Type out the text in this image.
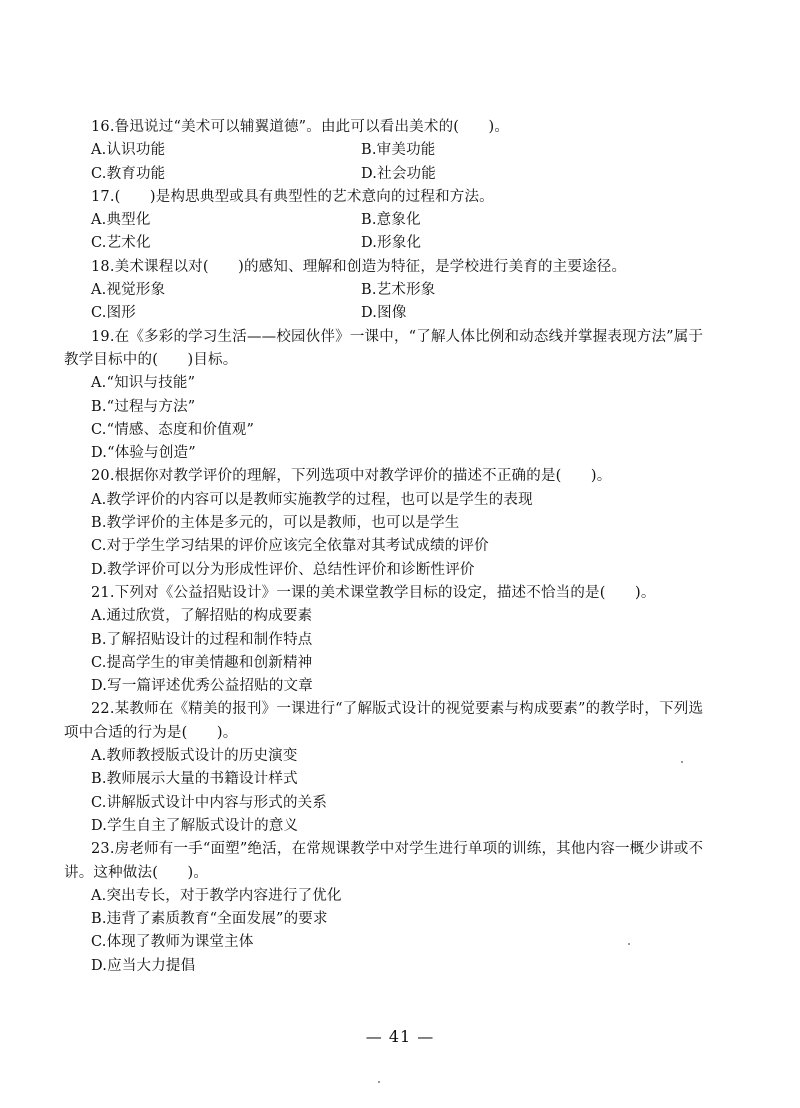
16.鲁迅说过“美术可以辅翼道德”。由此可以看出美术的(　　)。
A.认识功能	B.审美功能
C.教育功能	D.社会功能
17.(　　)是构思典型或具有典型性的艺术意向的过程和方法。
A.典型化	B.意象化
C.艺术化	D.形象化
18.美术课程以对(　　)的感知、理解和创造为特征，是学校进行美育的主要途径。
A.视觉形象	B.艺术形象
C.图形	D.图像
19.在《多彩的学习生活——校园伙伴》一课中，“了解人体比例和动态线并掌握表现方法”属于教学目标中的(　　)目标。
A.“知识与技能”
B.“过程与方法”
C.“情感、态度和价值观”
D.“体验与创造”
20.根据你对教学评价的理解，下列选项中对教学评价的描述不正确的是(　　)。
A.教学评价的内容可以是教师实施教学的过程，也可以是学生的表现
B.教学评价的主体是多元的，可以是教师，也可以是学生
C.对于学生学习结果的评价应该完全依靠对其考试成绩的评价
D.教学评价可以分为形成性评价、总结性评价和诊断性评价
21.下列对《公益招贴设计》一课的美术课堂教学目标的设定，描述不恰当的是(　　)。
A.通过欣赏，了解招贴的构成要素
B.了解招贴设计的过程和制作特点
C.提高学生的审美情趣和创新精神
D.写一篇评述优秀公益招贴的文章
22.某教师在《精美的报刊》一课进行“了解版式设计的视觉要素与构成要素”的教学时，下列选项中合适的行为是(　　)。
A.教师教授版式设计的历史演变
B.教师展示大量的书籍设计样式
C.讲解版式设计中内容与形式的关系
D.学生自主了解版式设计的意义
23.房老师有一手“面塑”绝活，在常规课教学中对学生进行单项的训练，其他内容一概少讲或不讲。这种做法(　　)。
A.突出专长，对于教学内容进行了优化
B.违背了素质教育“全面发展”的要求
C.体现了教师为课堂主体
D.应当大力提倡
— 41 —
